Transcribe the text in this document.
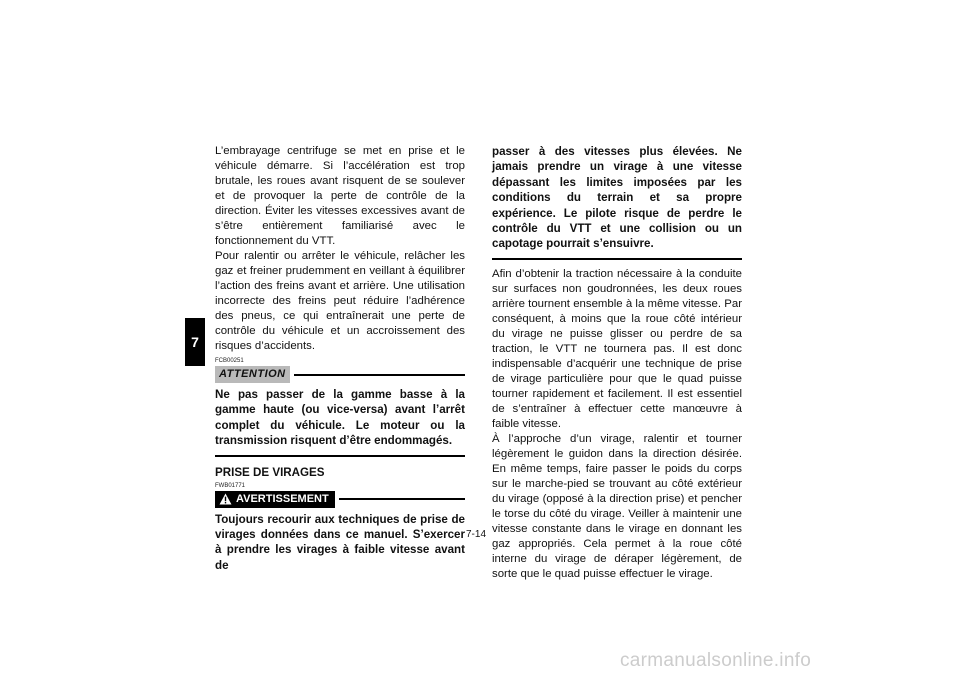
7

L’embrayage centrifuge se met en prise et le véhicule démarre. Si l’accélération est trop brutale, les roues avant risquent de se soulever et de provoquer la perte de contrôle de la direction. Éviter les vitesses excessives avant de s’être entièrement familiarisé avec le fonctionnement du VTT.

Pour ralentir ou arrêter le véhicule, relâcher les gaz et freiner prudemment en veillant à équilibrer l’action des freins avant et arrière. Une utilisation incorrecte des freins peut réduire l’adhérence des pneus, ce qui entraînerait une perte de contrôle du véhicule et un accroissement des risques d’accidents.

FCB00251
ATTENTION

Ne pas passer de la gamme basse à la gamme haute (ou vice-versa) avant l’arrêt complet du véhicule. Le moteur ou la transmission risquent d’être endommagés.

PRISE DE VIRAGES
FWB01771
AVERTISSEMENT

Toujours recourir aux techniques de prise de virages données dans ce manuel. S’exercer à prendre les virages à faible vitesse avant de

passer à des vitesses plus élevées. Ne jamais prendre un virage à une vitesse dépassant les limites imposées par les conditions du terrain et sa propre expérience. Le pilote risque de perdre le contrôle du VTT et une collision ou un capotage pourrait s’ensuivre.

Afin d’obtenir la traction nécessaire à la conduite sur surfaces non goudronnées, les deux roues arrière tournent ensemble à la même vitesse. Par conséquent, à moins que la roue côté intérieur du virage ne puisse glisser ou perdre de sa traction, le VTT ne tournera pas. Il est donc indispensable d’acquérir une technique de prise de virage particulière pour que le quad puisse tourner rapidement et facilement. Il est essentiel de s’entraîner à effectuer cette manœuvre à faible vitesse.

À l’approche d’un virage, ralentir et tourner légèrement le guidon dans la direction désirée. En même temps, faire passer le poids du corps sur le marche-pied se trouvant au côté extérieur du virage (opposé à la direction prise) et pencher le torse du côté du virage. Veiller à maintenir une vitesse constante dans le virage en donnant les gaz appropriés. Cela permet à la roue côté interne du virage de déraper légèrement, de sorte que le quad puisse effectuer le virage.

7-14
carmanualsonline.info
